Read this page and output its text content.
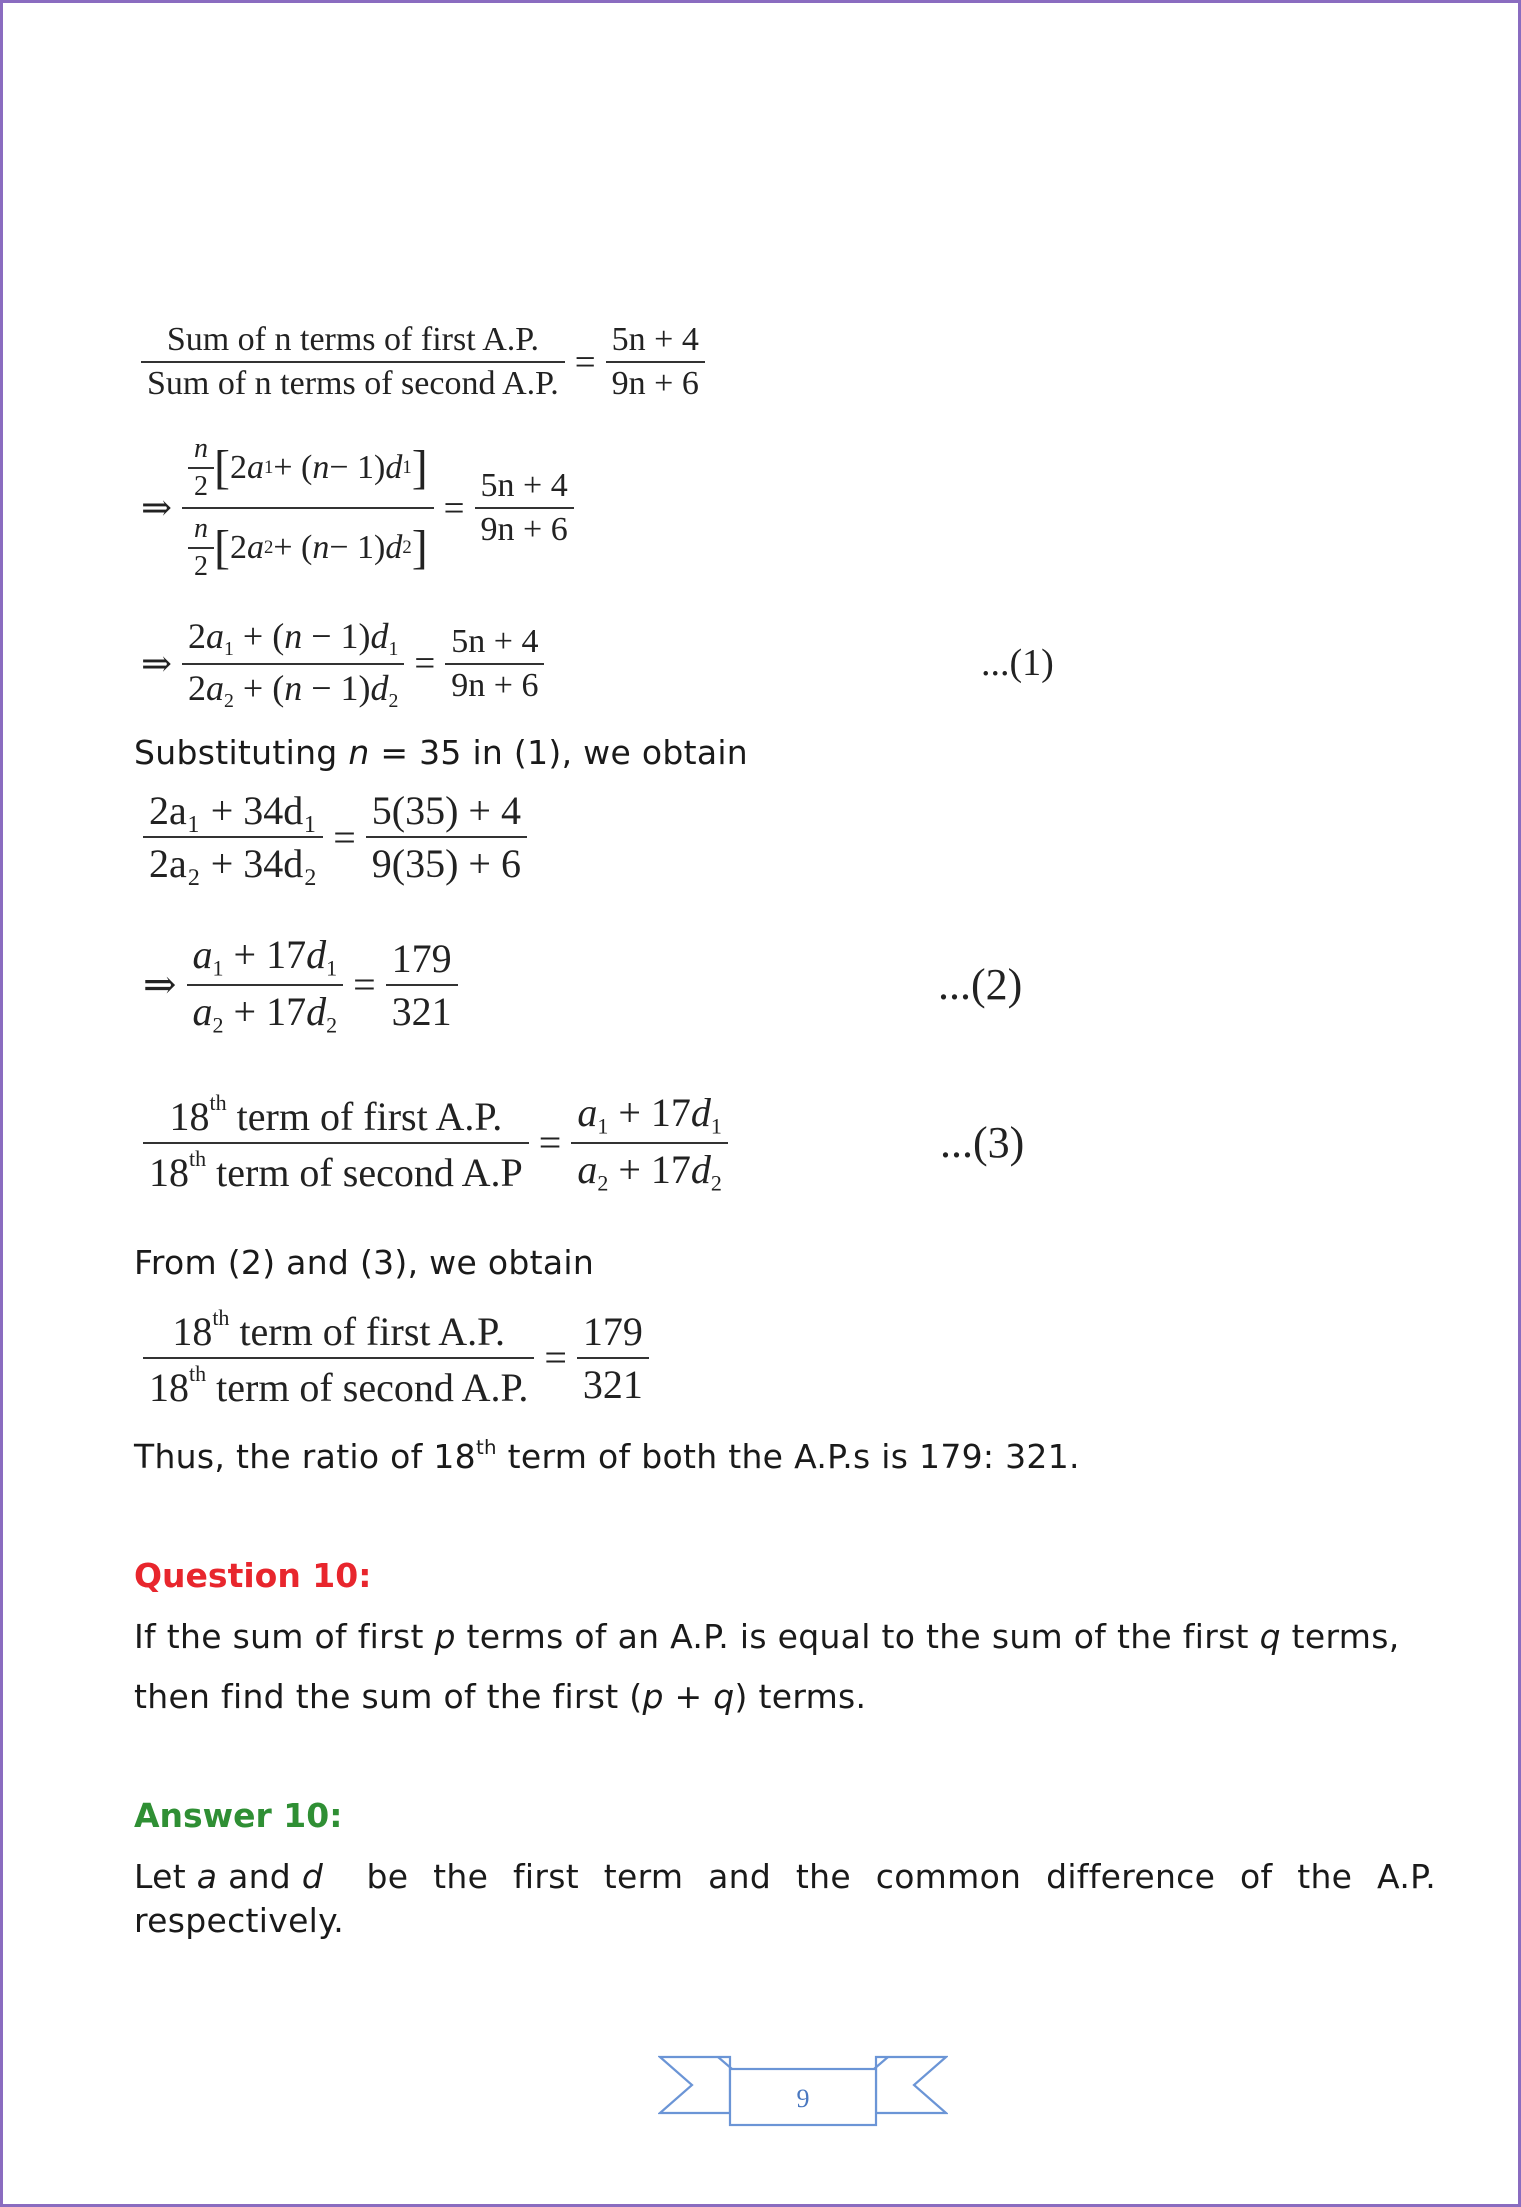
$\frac{\text{Sum of n terms of first A.P.}}{\text{Sum of n terms of second A.P.}} = \frac{5n + 4}{9n + 6}$
⇒ $\frac{\frac{n}{2} [ 2 a 1 + ( n - 1) d 1 ]}{\frac{n}{2} [ 2 a 2 + ( n - 1) d 2 ]} = \frac{5n + 4}{9n + 6}$
⇒ $\frac{2a_1 + (n - 1)d_1}{2a_2 + (n - 1)d_2} = \frac{5n + 4}{9n + 6}$	...(1)
Substituting n = 35 in (1), we obtain
$\frac{\text{2a₁ + 34d₁}}{\text{2a₂ + 34d₂}} = \frac{5(35) + 4}{9(35) + 6}$
⇒ $\frac{a_1 + 17d_1}{a_2 + 17d_2} = \frac{179}{321}$	...(2)
$\frac{18^{th} term of first A.P.}{18^{th} term of second A.P} = \frac{a_1 + 17d_1}{a_2 + 17d_2}$	...(3)
From (2) and (3), we obtain
$\frac{18^{th} term of first A.P.}{18^{th} term of second A.P.} = \frac{179}{321}$
Thus, the ratio of 18th term of both the A.P.s is 179: 321.
Question 10:
If the sum of first p terms of an A.P. is equal to the sum of the first q terms,
then find the sum of the first (p + q) terms.
Answer 10:
Let a and d be the first term and the common difference of the A.P.
respectively.
9
